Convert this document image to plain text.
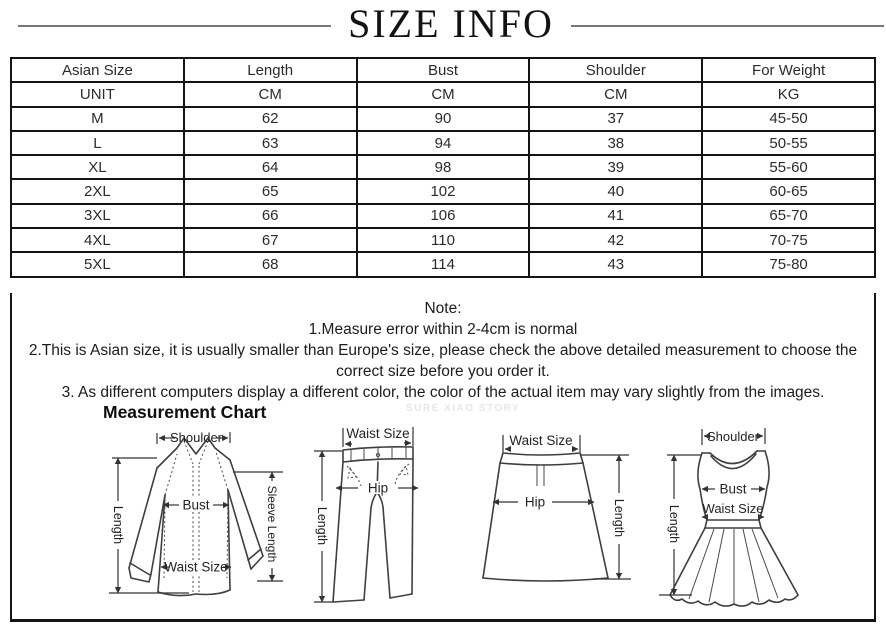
SIZE INFO
Asian Size	Length	Bust	Shoulder	For Weight
UNIT	CM	CM	CM	KG
M	62	90	37	45-50
L	63	94	38	50-55
XL	64	98	39	55-60
2XL	65	102	40	60-65
3XL	66	106	41	65-70
4XL	67	110	42	70-75
5XL	68	114	43	75-80
Note:
1.Measure error within 2-4cm is normal
2.This is Asian size, it is usually smaller than Europe's size, please check the above detailed measurement to choose the correct size before you order it.
3. As different computers display a different color, the color of the actual item may vary slightly from the images.
Measurement Chart	SURE XIAO STORY
Shoulder
Length	Sleeve Length
Bust
Waist Size
Waist Size
Hip
Length
Waist Size
Hip	Length
Shoulder
Bust
Waist Size
Length
